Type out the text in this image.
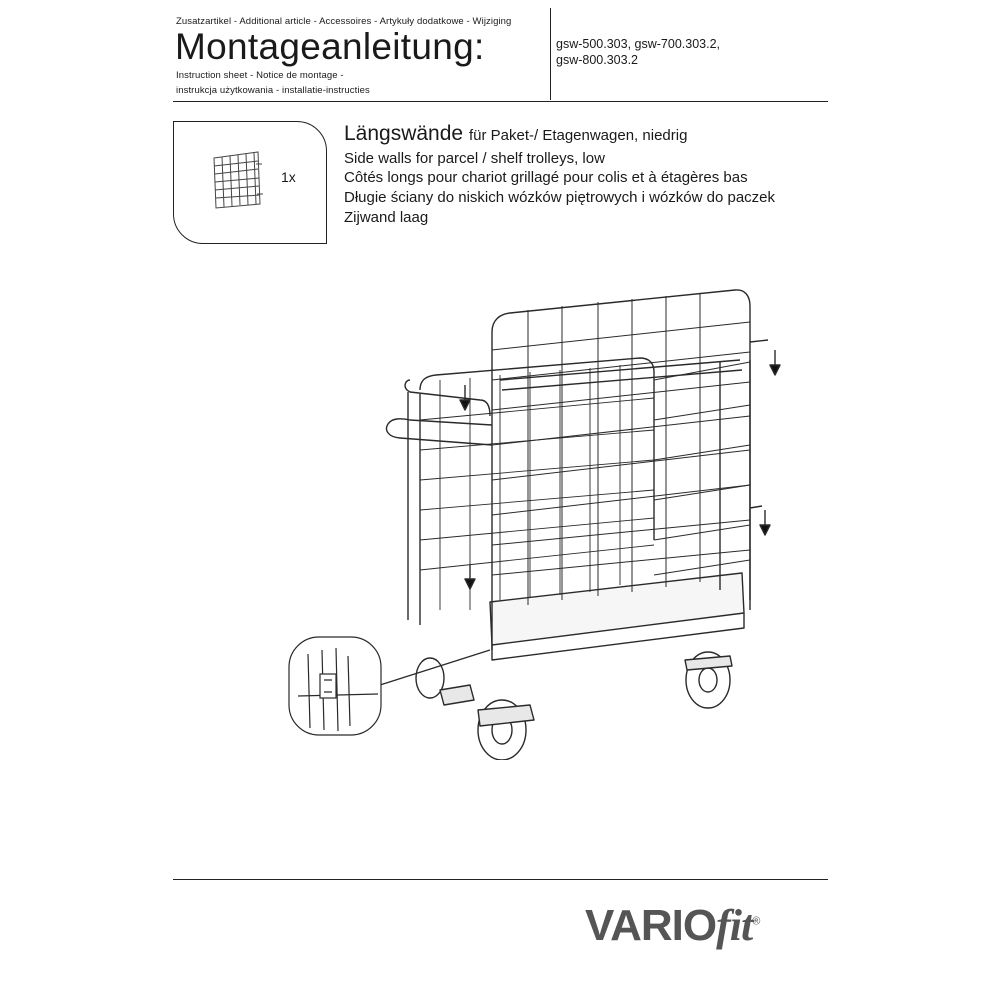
Zusatzartikel - Additional article - Accessoires - Artykuły dodatkowe - Wijziging
Montageanleitung:
Instruction sheet - Notice de montage -
instrukcja użytkowania - installatie-instructies
gsw-500.303, gsw-700.303.2,
gsw-800.303.2
1x
Längswände für Paket-/ Etagenwagen, niedrig
Side walls for parcel / shelf trolleys, low
Côtés longs pour chariot grillagé pour colis et à étagères bas
Długie ściany do niskich wózków piętrowych i wózków do paczek
Zijwand laag
VARIOfit®
